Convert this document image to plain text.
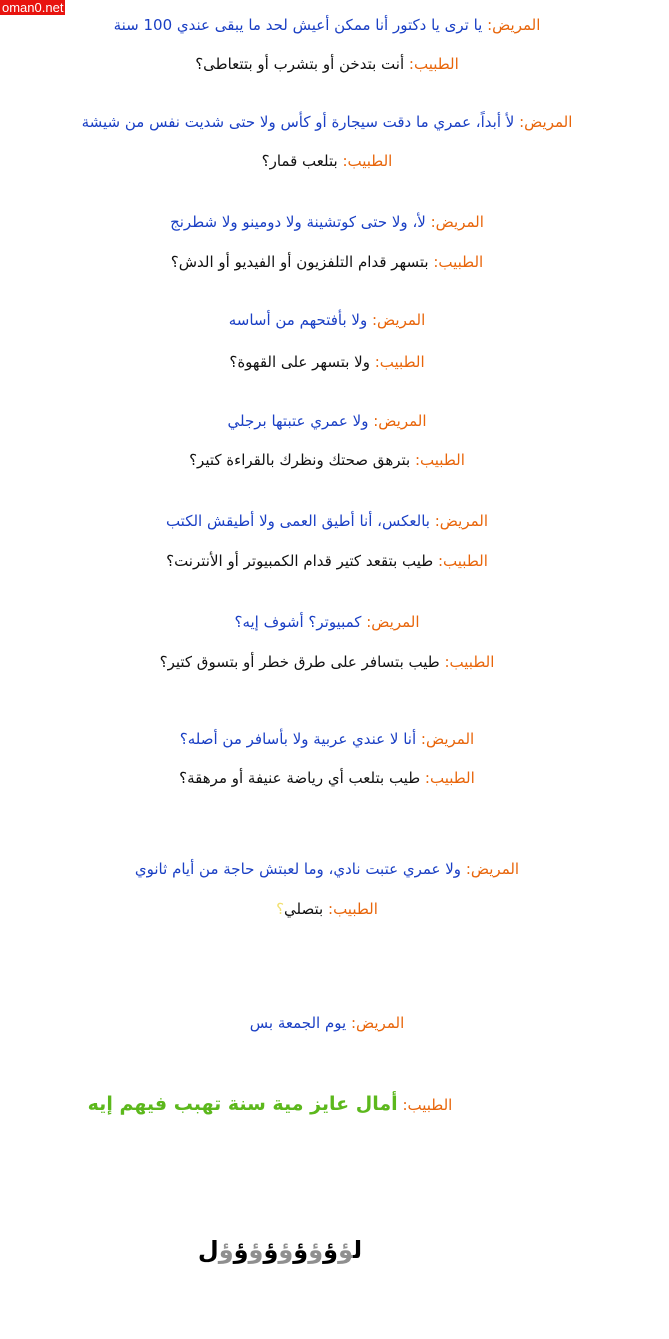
oman0.net
المريض: يا ترى يا دكتور أنا ممكن أعيش لحد ما يبقى عندي 100 سنة
الطبيب: أنت بتدخن أو بتشرب أو بتتعاطى؟
المريض: لأ أبداً، عمري ما دقت سيجارة أو كأس ولا حتى شديت نفس من شيشة
الطبيب: بتلعب قمار؟
المريض: لأ، ولا حتى كوتشينة ولا دومينو ولا شطرنج
الطبيب: بتسهر قدام التلفزيون أو الفيديو أو الدش؟
المريض: ولا بأفتحهم من أساسه
الطبيب: ولا بتسهر على القهوة؟
المريض: ولا عمري عتبتها برجلي
الطبيب: بترهق صحتك ونظرك بالقراءة كتير؟
المريض: بالعكس، أنا أطيق العمى ولا أطيقش الكتب
الطبيب: طيب بتقعد كتير قدام الكمبيوتر أو الأنترنت؟
المريض: كمبيوتر؟ أشوف إيه؟
الطبيب: طيب بتسافر على طرق خطر أو بتسوق كتير؟
المريض: أنا لا عندي عربية ولا بأسافر من أصله؟
الطبيب: طيب بتلعب أي رياضة عنيفة أو مرهقة؟
المريض: ولا عمري عتبت نادي، وما لعبتش حاجة من أيام ثانوي
الطبيب: بتصلي؟
المريض: يوم الجمعة بس
الطبيب: أمال عايز مية سنة تهبب فيهم إيه
لؤؤؤؤؤؤؤؤؤل
